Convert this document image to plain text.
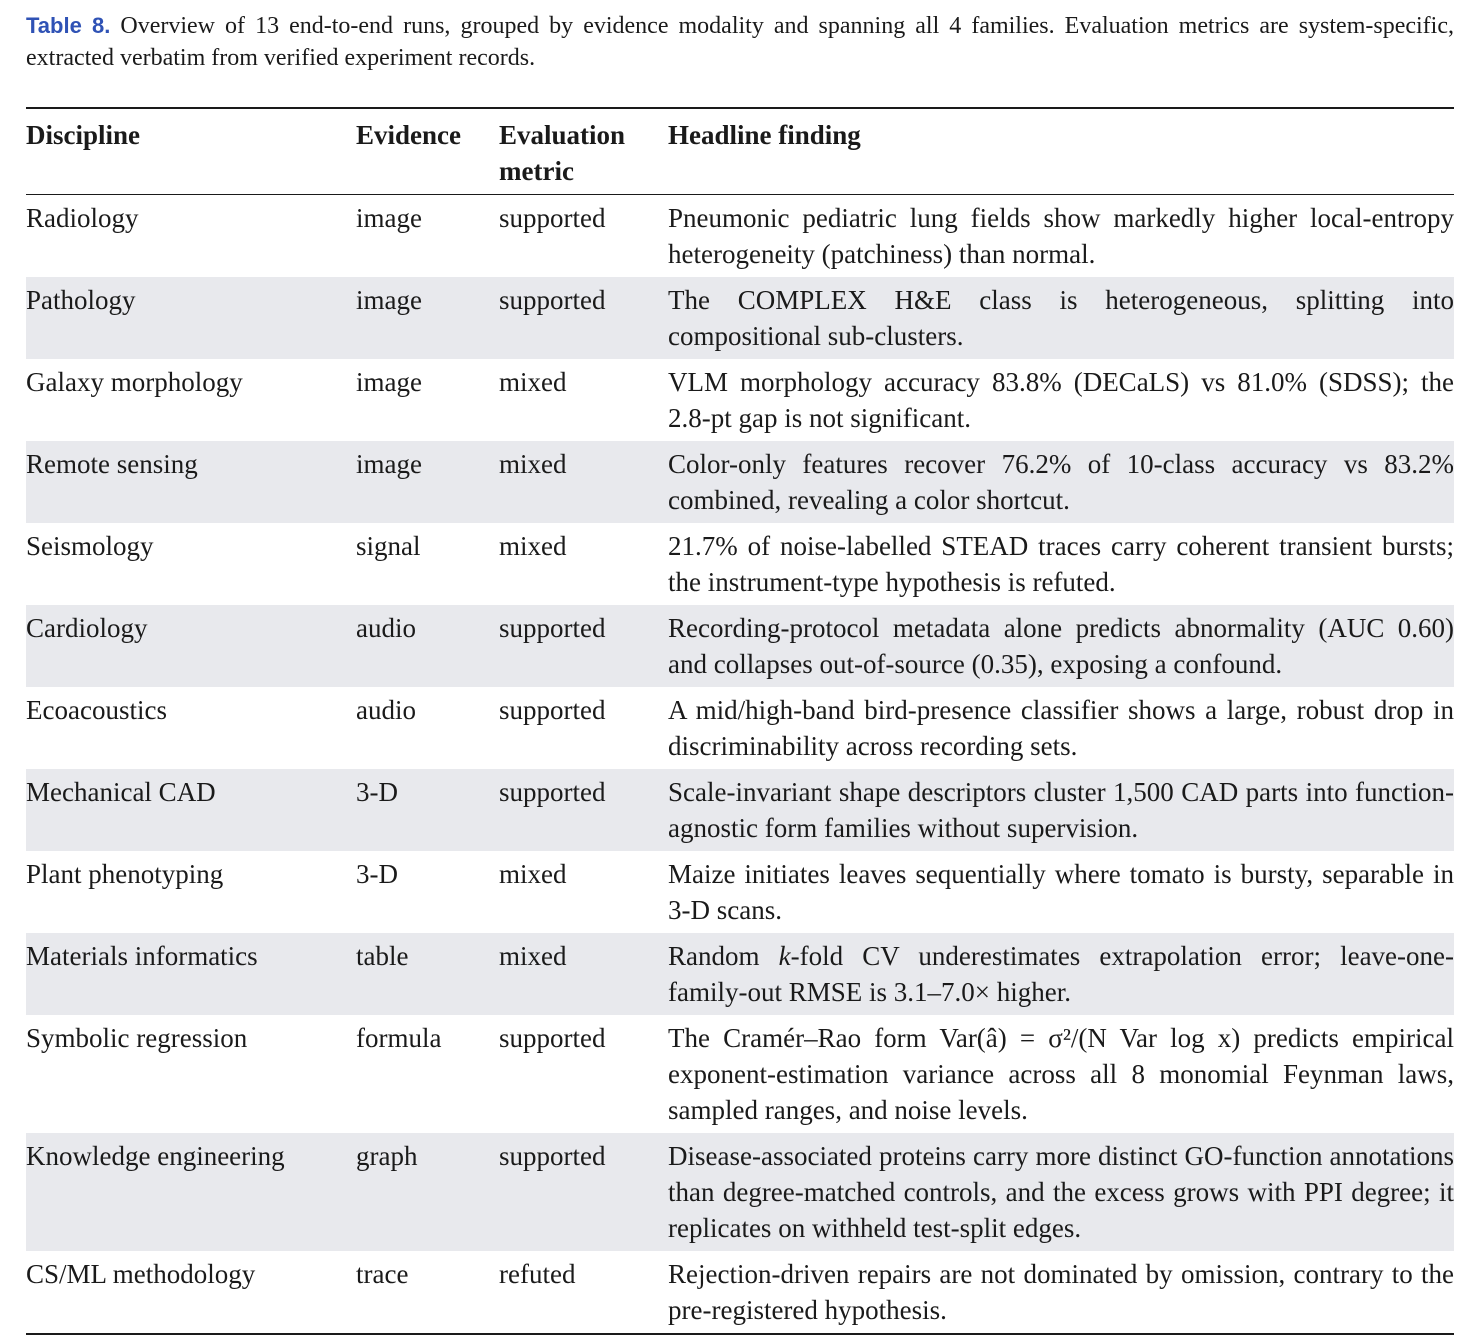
Table 8. Overview of 13 end-to-end runs, grouped by evidence modality and spanning all 4 families. Evaluation metrics are system-specific, extracted verbatim from verified experiment records.
Discipline	Evidence	Evaluation metric	Headline finding
Radiology	image	supported	Pneumonic pediatric lung fields show markedly higher local-entropy heterogeneity (patchiness) than normal.
Pathology	image	supported	The COMPLEX H&E class is heterogeneous, splitting into compositional sub-clusters.
Galaxy morphology	image	mixed	VLM morphology accuracy 83.8% (DECaLS) vs 81.0% (SDSS); the 2.8-pt gap is not significant.
Remote sensing	image	mixed	Color-only features recover 76.2% of 10-class accuracy vs 83.2% combined, revealing a color shortcut.
Seismology	signal	mixed	21.7% of noise-labelled STEAD traces carry coherent transient bursts; the instrument-type hypothesis is refuted.
Cardiology	audio	supported	Recording-protocol metadata alone predicts abnormality (AUC 0.60) and collapses out-of-source (0.35), exposing a confound.
Ecoacoustics	audio	supported	A mid/high-band bird-presence classifier shows a large, robust drop in discriminability across recording sets.
Mechanical CAD	3-D	supported	Scale-invariant shape descriptors cluster 1,500 CAD parts into function-agnostic form families without supervision.
Plant phenotyping	3-D	mixed	Maize initiates leaves sequentially where tomato is bursty, separable in 3-D scans.
Materials informatics	table	mixed	Random k-fold CV underestimates extrapolation error; leave-one-family-out RMSE is 3.1–7.0× higher.
Symbolic regression	formula	supported	The Cramér–Rao form Var(â) = σ²/(N Var log x) predicts empirical exponent-estimation variance across all 8 monomial Feynman laws, sampled ranges, and noise levels.
Knowledge engineering	graph	supported	Disease-associated proteins carry more distinct GO-function annotations than degree-matched controls, and the excess grows with PPI degree; it replicates on withheld test-split edges.
CS/ML methodology	trace	refuted	Rejection-driven repairs are not dominated by omission, contrary to the pre-registered hypothesis.
